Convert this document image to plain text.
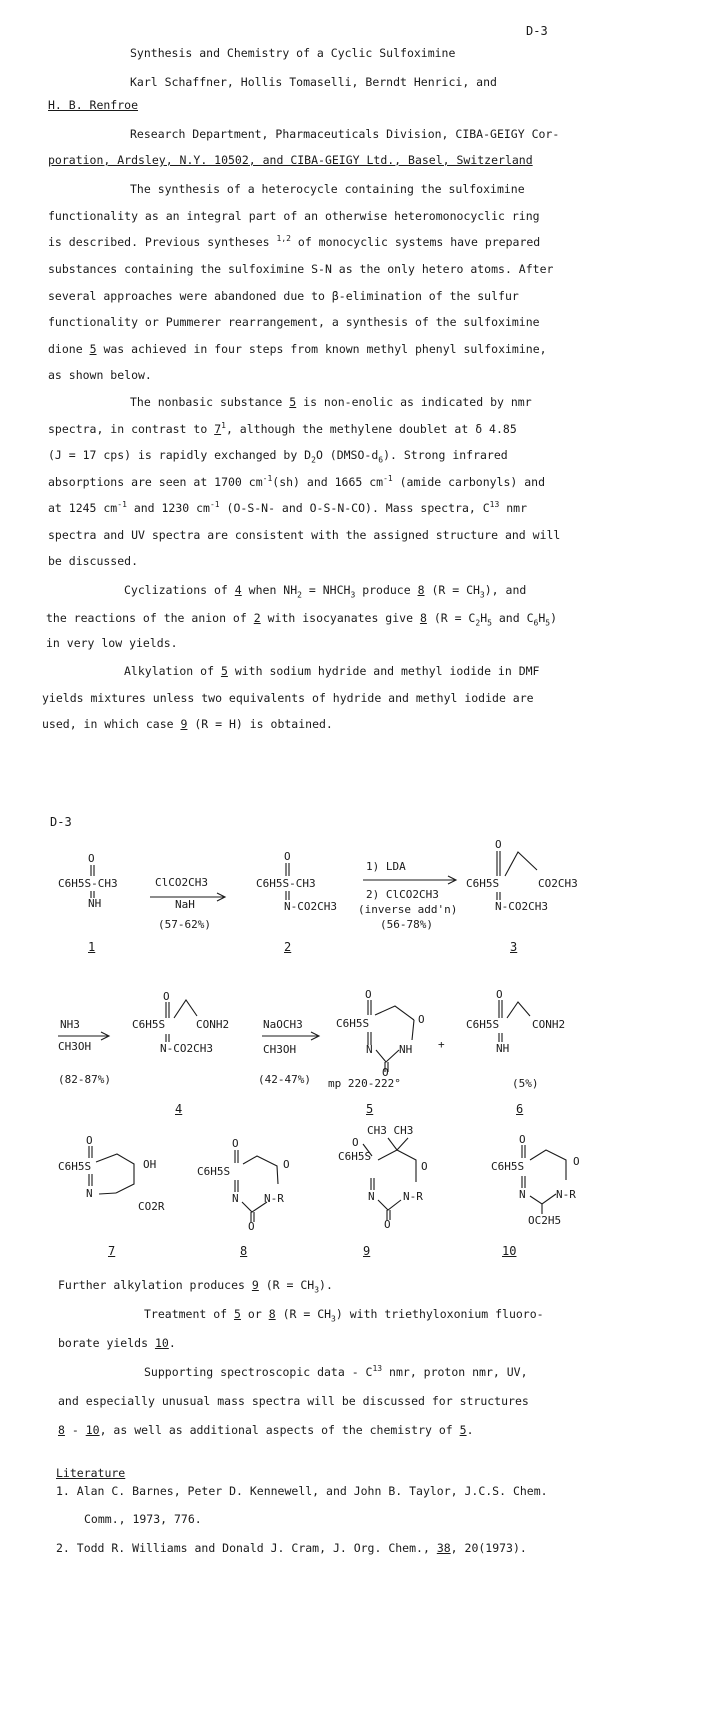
D-3
Synthesis and Chemistry of a Cyclic Sulfoximine
Karl Schaffner, Hollis Tomaselli, Berndt Henrici, and
H. B. Renfroe
Research Department, Pharmaceuticals Division, CIBA-GEIGY Cor-
poration, Ardsley, N.Y. 10502, and CIBA-GEIGY Ltd., Basel, Switzerland
The synthesis of a heterocycle containing the sulfoximine
functionality as an integral part of an otherwise heteromonocyclic ring
is described. Previous syntheses $^{1,2}$ of monocyclic systems have prepared
substances containing the sulfoximine S-N as the only hetero atoms. After
several approaches were abandoned due to β-elimination of the sulfur
functionality or Pummerer rearrangement, a synthesis of the sulfoximine
dione 5 was achieved in four steps from known methyl phenyl sulfoximine,
as shown below.
The nonbasic substance 5 is non-enolic as indicated by nmr
spectra, in contrast to $7^1$, although the methylene doublet at δ 4.85
(J = 17 cps) is rapidly exchanged by $D_2O$ $(DMSO-d_6)$. Strong infrared
absorptions are seen at 1700 $cm^{-1}(sh)$ and 1665 $cm^{-1}$ (amide carbonyls) and
at 1245 $cm^{-1}$ and 1230 $cm^{-1}$ (O-S-N- and O-S-N-CO). Mass spectra, $C^{13}$ nmr
spectra and UV spectra are consistent with the assigned structure and will
be discussed.
Cyclizations of 4 when $NH_2$ = $NHCH_3$ produce 8 $(R = CH_3)$, and
the reactions of the anion of 2 with isocyanates give 8 ($R = C_2H_5$ and $C_6H_5$)
in very low yields.
Alkylation of 5 with sodium hydride and methyl iodide in DMF
yields mixtures unless two equivalents of hydride and methyl iodide are
used, in which case 9 (R = H) is obtained.
D-3
O
C6H5S-CH3
NH
1
ClCO2CH3
NaH
(57-62%)
O
C6H5S-CH3
N-CO2CH3
2
1) LDA
2) ClCO2CH3
(inverse add'n)
(56-78%)
O
C6H5S	CO2CH3
N-CO2CH3
3
NH3
CH3OH
(82-87%)
O
C6H5S	CONH2
N-CO2CH3
4
NaOCH3
CH3OH
(42-47%)
O
C6H5S	O
N NH
O
mp 220-222°
5
+
O
C6H5S	CONH2
NH
(5%)
6
O
C6H5S	OH
N
CO2R
7
O
C6H5S
O
N N-R
O
8
CH3 CH3
C6H5S
O
O
N	N-R
O
9
O
C6H5S	O
N	N-R
OC2H5
10
Further alkylation produces 9 $(R = CH_3)$.
Treatment of 5 or 8 $(R = CH_3)$ with triethyloxonium fluoro-
borate yields 10.
Supporting spectroscopic data - $C^{13}$ nmr, proton nmr, UV,
and especially unusual mass spectra will be discussed for structures
8 - 10, as well as additional aspects of the chemistry of 5.
Literature
1. Alan C. Barnes, Peter D. Kennewell, and John B. Taylor, J.C.S. Chem.
Comm., 1973, 776.
2. Todd R. Williams and Donald J. Cram, J. Org. Chem., 38, 20(1973).
